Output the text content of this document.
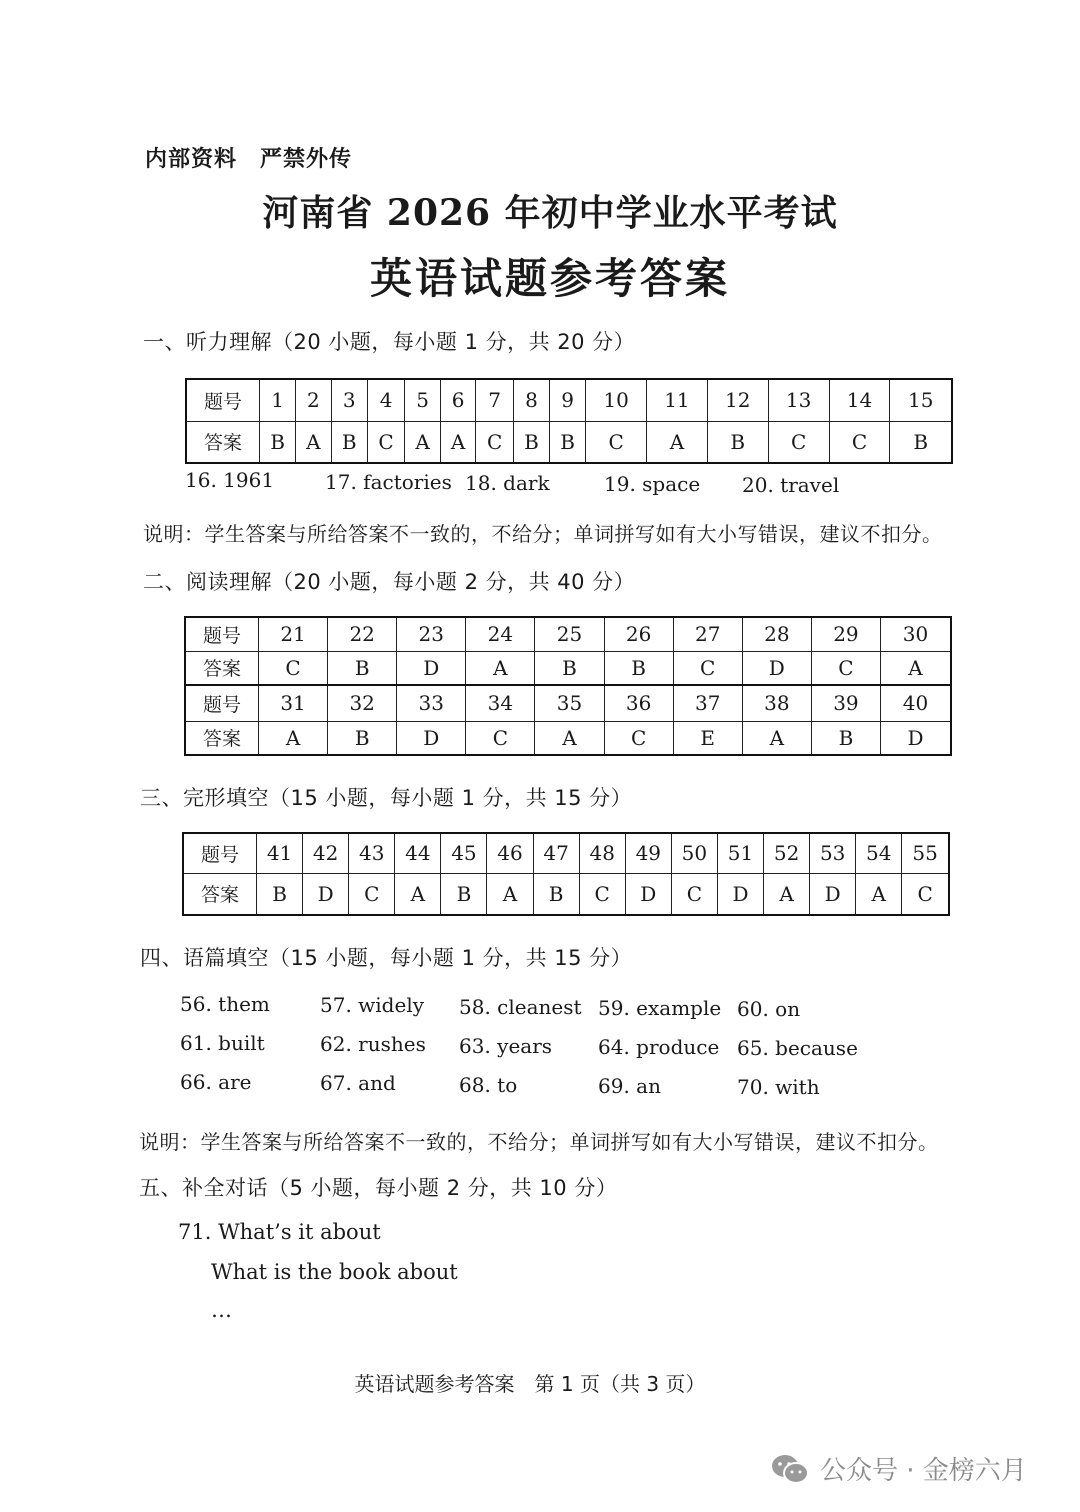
内部资料　严禁外传
河南省 2026 年初中学业水平考试
英语试题参考答案
一、听力理解（20 小题，每小题 1 分，共 20 分）
题号	1	2	3	4	5	6	7	8	9	10	11	12	13	14	15
答案	B	A	B	C	A	A	C	B	B	C	A	B	C	C	B
16. 1961	17. factories 18. dark	19. space 20. travel
说明：学生答案与所给答案不一致的，不给分；单词拼写如有大小写错误，建议不扣分。
二、阅读理解（20 小题，每小题 2 分，共 40 分）
题号	21	22	23	24	25	26	27	28	29	30
答案	C	B	D	A	B	B	C	D	C	A
题号	31	32	33	34	35	36	37	38	39	40
答案	A	B	D	C	A	C	E	A	B	D
三、完形填空（15 小题，每小题 1 分，共 15 分）
题号	41	42	43	44	45	46	47	48	49	50	51	52	53	54	55
答案	B	D	C	A	B	A	B	C	D	C	D	A	D	A	C
四、语篇填空（15 小题，每小题 1 分，共 15 分）
56. them	57. widely 58. cleanest 59. example 60. on
61. built	62. rushes 63. years 64. produce 65. because
66. are	67. and	68. to	69. an	70. with
说明：学生答案与所给答案不一致的，不给分；单词拼写如有大小写错误，建议不扣分。
五、补全对话（5 小题，每小题 2 分，共 10 分）
71. What’s it about
What is the book about
…
英语试题参考答案　第 1 页（共 3 页）
公众号 · 金榜六月
